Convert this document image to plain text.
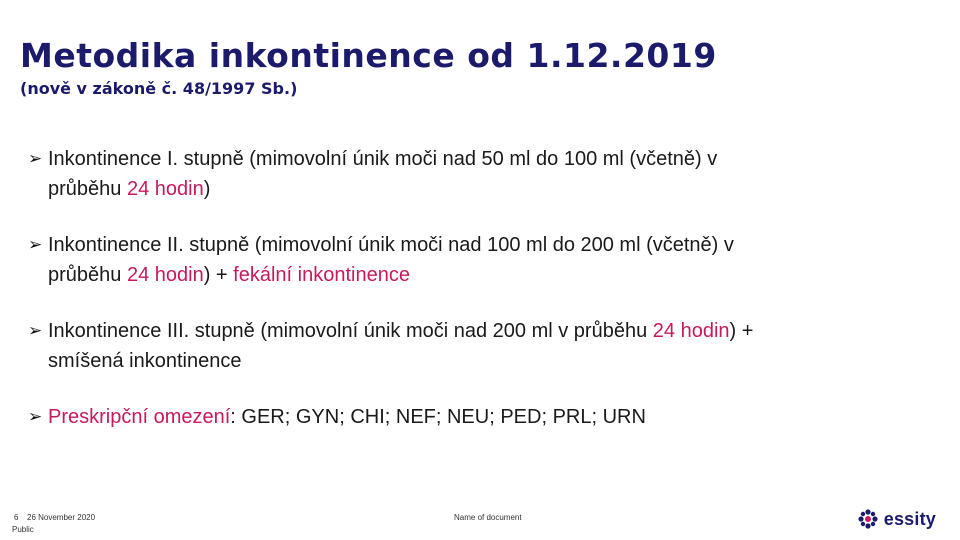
Metodika inkontinence od 1.12.2019
(nově v zákoně č. 48/1997 Sb.)
➢ Inkontinence I. stupně (mimovolní únik moči nad 50 ml do 100 ml (včetně) v
průběhu 24 hodin)
➢ Inkontinence II. stupně (mimovolní únik moči nad 100 ml do 200 ml (včetně) v
průběhu 24 hodin) + fekální inkontinence
➢ Inkontinence III. stupně (mimovolní únik moči nad 200 ml v průběhu 24 hodin) +
smíšená inkontinence
➢ Preskripční omezení: GER; GYN; CHI; NEF; NEU; PED; PRL; URN
6 26 November 2020
Public
Name of document	essity
